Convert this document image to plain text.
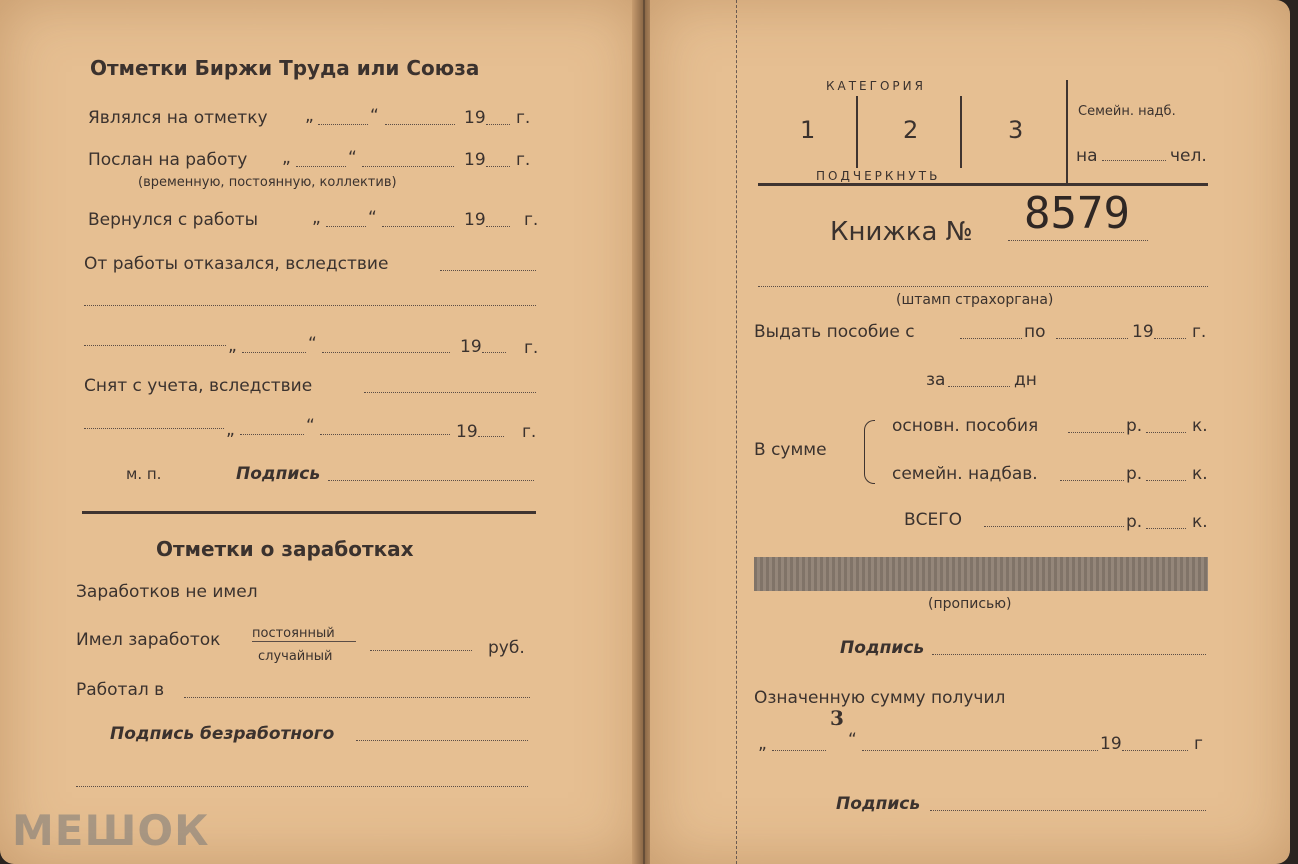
Отметки Биржи Труда или Союза
Являлся на отметку „	“	19 г.
Послан на работу „	“	19 г.
(временную, постоянную, коллектив)
Вернулся с работы	„	“	19 г.
От работы отказался, вследствие
„	“	19 г.
Снят с учета, вследствие
„	“	19	г.
м. п.	Подпись
Отметки о заработках
Заработков не имел
Имел заработок постоянный
случайный	руб.
Работал в
Подпись безработного
КАТЕГОРИЯ
1	2	3
ПОДЧЕРКНУТЬ
Семейн. надб.
на	чел.
Книжка № 8579
(штамп страхоргана)
Выдать пособие с	по	19 г.
за	дн
В сумме
основн. пособия	р.	к.
семейн. надбав.	р.	к.
ВСЕГО	р.	к.
(прописью)
Подпись
Означенную сумму получил
„
3
“	19	г
Подпись
МЕШОК
